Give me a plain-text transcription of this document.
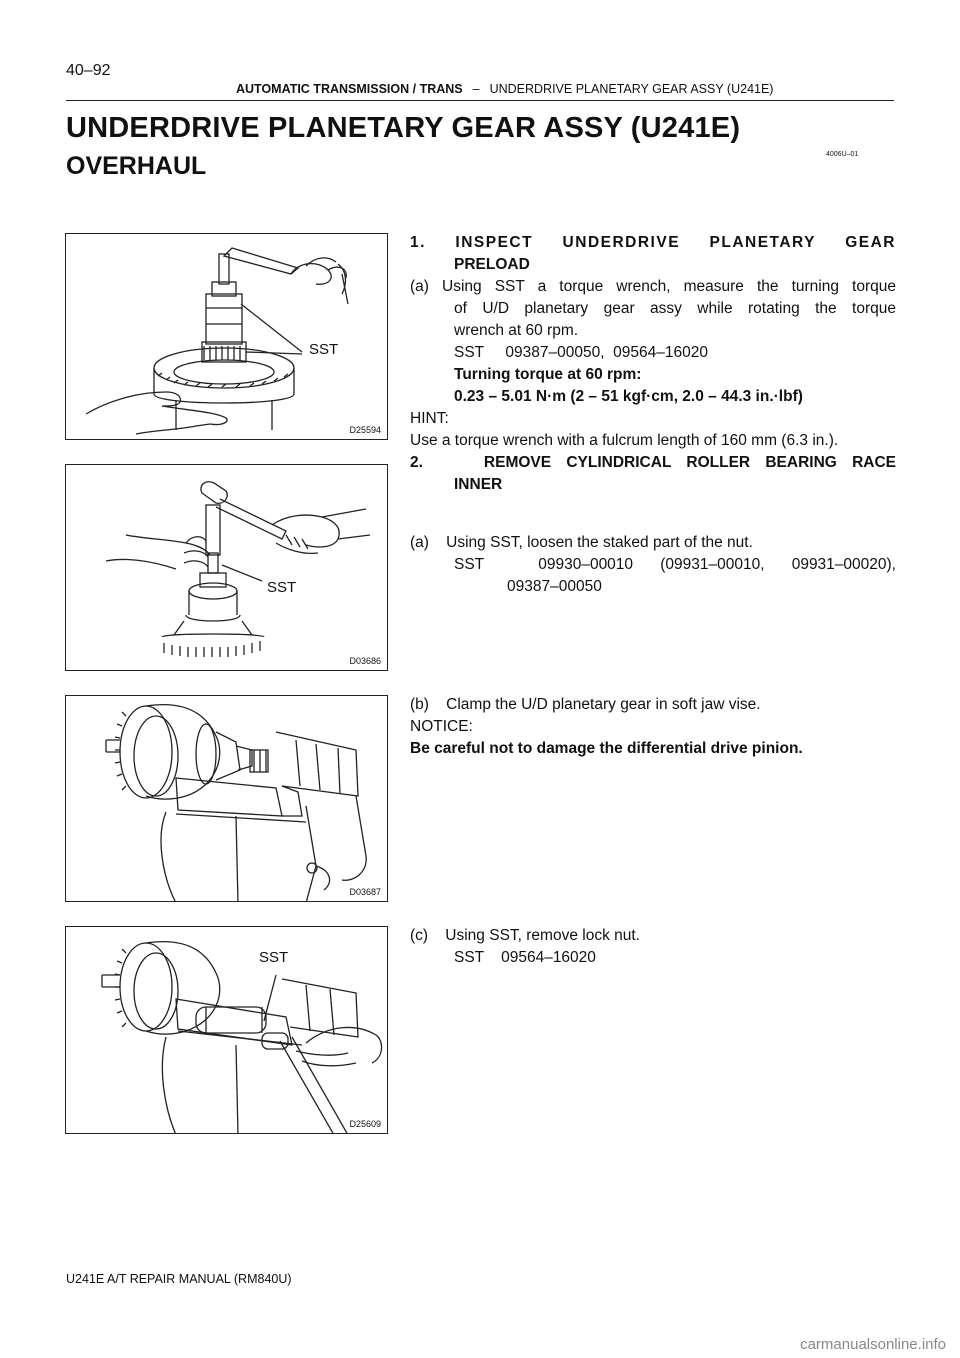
40–92
AUTOMATIC TRANSMISSION / TRANS – UNDERDRIVE PLANETARY GEAR ASSY (U241E)
UNDERDRIVE PLANETARY GEAR ASSY (U241E)
OVERHAUL	4006U–01
SST
D25594
SST
D03686
D03687
SST
D25609
1. INSPECT UNDERDRIVE PLANETARY GEAR
PRELOAD
(a) Using SST a torque wrench, measure the turning torque
of U/D planetary gear assy while rotating the torque
wrench at 60 rpm.
SST     09387–00050,  09564–16020
Turning torque at 60 rpm:
0.23 – 5.01 N·m (2 – 51 kgf·cm, 2.0 – 44.3 in.·lbf)
HINT:
Use a torque wrench with a fulcrum length of 160 mm (6.3 in.).
2.    REMOVE CYLINDRICAL ROLLER BEARING RACE
INNER
(a)    Using SST, loosen the staked part of the nut.
SST    09930–00010  (09931–00010,  09931–00020),
09387–00050
(b)    Clamp the U/D planetary gear in soft jaw vise.
NOTICE:
Be careful not to damage the differential drive pinion.
(c)    Using SST, remove lock nut.
SST    09564–16020
U241E A/T REPAIR MANUAL (RM840U)
carmanualsonline.info
